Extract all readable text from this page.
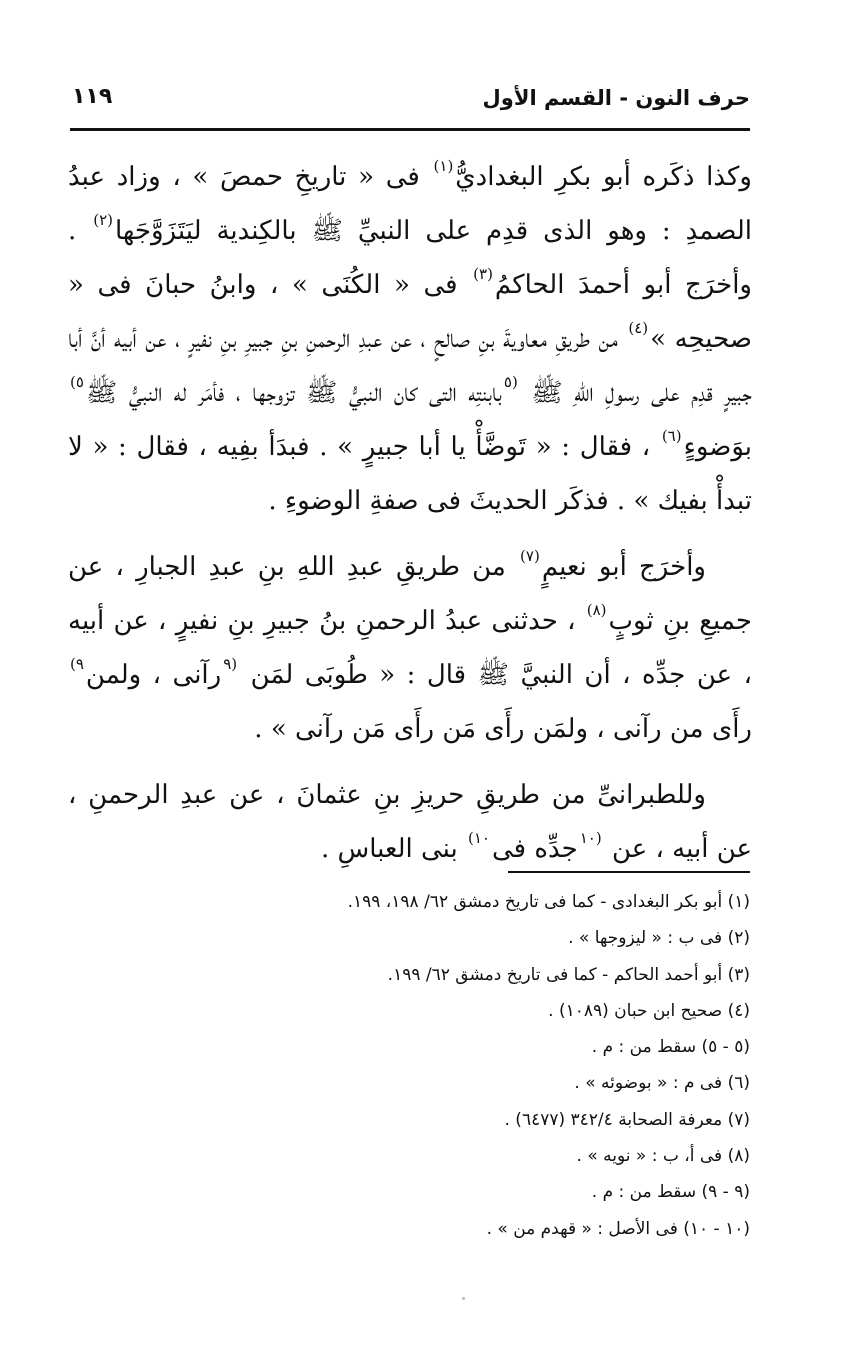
حرف النون - القسم الأول
١١٩

وكذا ذكَره أبو بكرِ البغداديُّ$^{(١)}$ فى « تاريخِ حمصَ » ، وزاد عبدُ الصمدِ : وهو الذى قدِم على النبيِّ ﷺ بالكِندية ليَتَزَوَّجَها$^{(٢)}$ . وأخرَج أبو أحمدَ الحاكمُ$^{(٣)}$ فى « الكُنَى » ، وابنُ حبانَ فى « صحيحِه »$^{(٤)}$ من طريقِ معاويةَ بنِ صالحٍ ، عن عبدِ الرحمنِ بنِ جبيرِ بنِ نفيرٍ ، عن أبيه أنَّ أبا جبيرٍ قدِم على رسولِ اللهِ ﷺ $^{(٥}$بابنتِه التى كان النبيُّ ﷺ تزوجها ، فأمَر له النبيُّ ﷺ$^{٥)}$ بوَضوءٍ$^{(٦)}$ ، فقال : « تَوضَّأْ يا أبا جبيرٍ » . فبدَأ بفِيه ، فقال : « لا تبدأْ بفيك » . فذكَر الحديثَ فى صفةِ الوضوءِ .

وأخرَج أبو نعيمٍ$^{(٧)}$ من طريقِ عبدِ اللهِ بنِ عبدِ الجبارِ ، عن جميعِ بنِ ثوبٍ$^{(٨)}$ ، حدثنى عبدُ الرحمنِ بنُ جبيرِ بنِ نفيرٍ ، عن أبيه ، عن جدِّه ، أن النبيَّ ﷺ قال : « طُوبَى لمَن $^{(٩}$رآنى ، ولمن$^{٩)}$ رأَى من رآنى ، ولمَن رأَى مَن رأَى مَن رآنى » .

وللطبرانىِّ من طريقِ حريزِ بنِ عثمانَ ، عن عبدِ الرحمنِ ، عن أبيه ، عن $^{(١٠}$جدِّه فى$^{١٠)}$ بنى العباسِ .

(١) أبو بكر البغدادى - كما فى تاريخ دمشق ٦٢/ ١٩٨، ١٩٩.
(٢) فى ب : « ليزوجها » .
(٣) أبو أحمد الحاكم - كما فى تاريخ دمشق ٦٢/ ١٩٩.
(٤) صحيح ابن حبان (١٠٨٩) .
(٥ - ٥) سقط من : م .
(٦) فى م : « بوضوئه » .
(٧) معرفة الصحابة ٣٤٢/٤ (٦٤٧٧) .
(٨) فى أ، ب : « نويه » .
(٩ - ٩) سقط من : م .
(١٠ - ١٠) فى الأصل : « قهدم من » .
